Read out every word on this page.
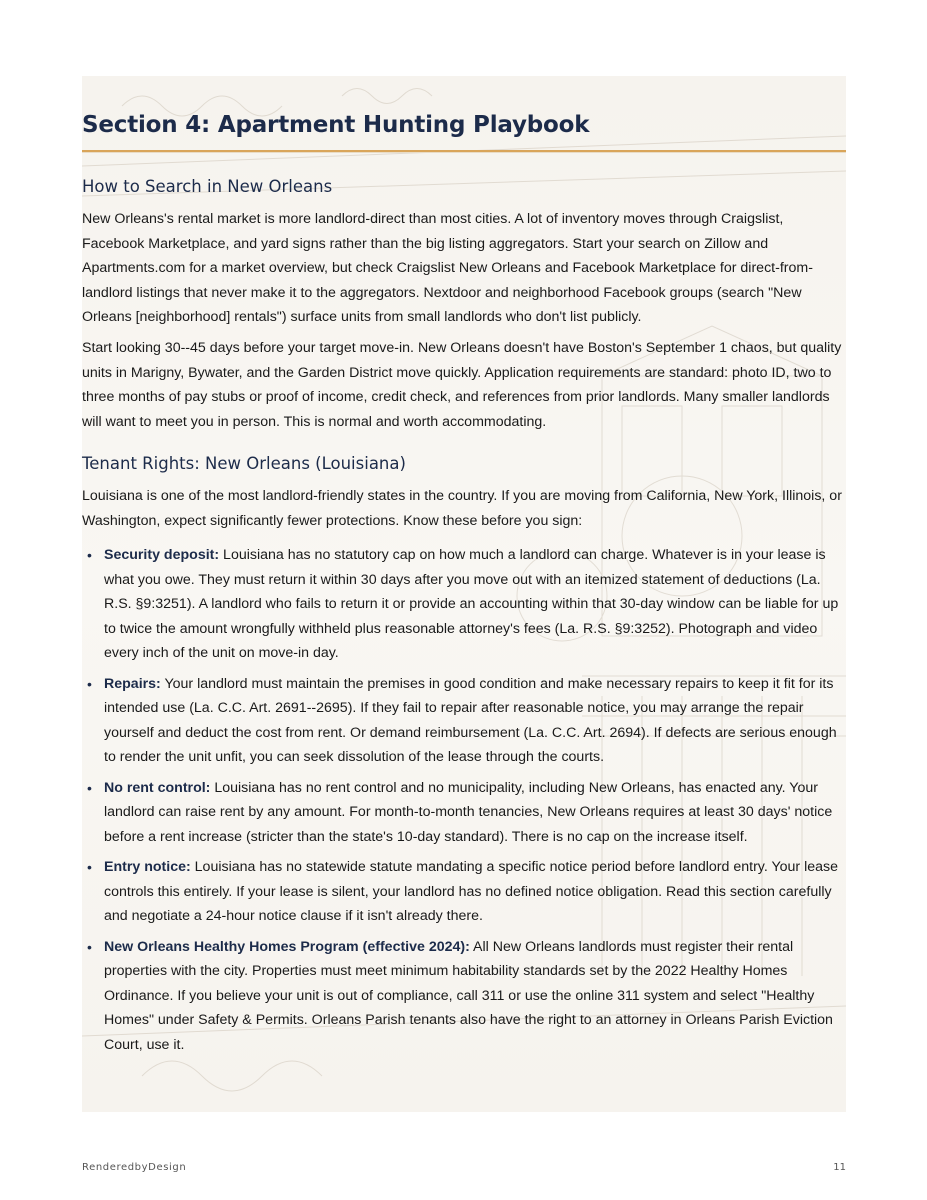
Section 4: Apartment Hunting Playbook
How to Search in New Orleans

New Orleans's rental market is more landlord-direct than most cities. A lot of inventory moves through Craigslist, Facebook Marketplace, and yard signs rather than the big listing aggregators. Start your search on Zillow and Apartments.com for a market overview, but check Craigslist New Orleans and Facebook Marketplace for direct-from-landlord listings that never make it to the aggregators. Nextdoor and neighborhood Facebook groups (search "New Orleans [neighborhood] rentals") surface units from small landlords who don't list publicly.

Start looking 30--45 days before your target move-in. New Orleans doesn't have Boston's September 1 chaos, but quality units in Marigny, Bywater, and the Garden District move quickly. Application requirements are standard: photo ID, two to three months of pay stubs or proof of income, credit check, and references from prior landlords. Many smaller landlords will want to meet you in person. This is normal and worth accommodating.

Tenant Rights: New Orleans (Louisiana)

Louisiana is one of the most landlord-friendly states in the country. If you are moving from California, New York, Illinois, or Washington, expect significantly fewer protections. Know these before you sign:

• Security deposit: Louisiana has no statutory cap on how much a landlord can charge. Whatever is in your lease is what you owe. They must return it within 30 days after you move out with an itemized statement of deductions (La. R.S. §9:3251). A landlord who fails to return it or provide an accounting within that 30-day window can be liable for up to twice the amount wrongfully withheld plus reasonable attorney's fees (La. R.S. §9:3252). Photograph and video every inch of the unit on move-in day.
• Repairs: Your landlord must maintain the premises in good condition and make necessary repairs to keep it fit for its intended use (La. C.C. Art. 2691--2695). If they fail to repair after reasonable notice, you may arrange the repair yourself and deduct the cost from rent. Or demand reimbursement (La. C.C. Art. 2694). If defects are serious enough to render the unit unfit, you can seek dissolution of the lease through the courts.
• No rent control: Louisiana has no rent control and no municipality, including New Orleans, has enacted any. Your landlord can raise rent by any amount. For month-to-month tenancies, New Orleans requires at least 30 days' notice before a rent increase (stricter than the state's 10-day standard). There is no cap on the increase itself.
• Entry notice: Louisiana has no statewide statute mandating a specific notice period before landlord entry. Your lease controls this entirely. If your lease is silent, your landlord has no defined notice obligation. Read this section carefully and negotiate a 24-hour notice clause if it isn't already there.
• New Orleans Healthy Homes Program (effective 2024): All New Orleans landlords must register their rental properties with the city. Properties must meet minimum habitability standards set by the 2022 Healthy Homes Ordinance. If you believe your unit is out of compliance, call 311 or use the online 311 system and select "Healthy Homes" under Safety & Permits. Orleans Parish tenants also have the right to an attorney in Orleans Parish Eviction Court, use it.
RenderedbyDesign	11
